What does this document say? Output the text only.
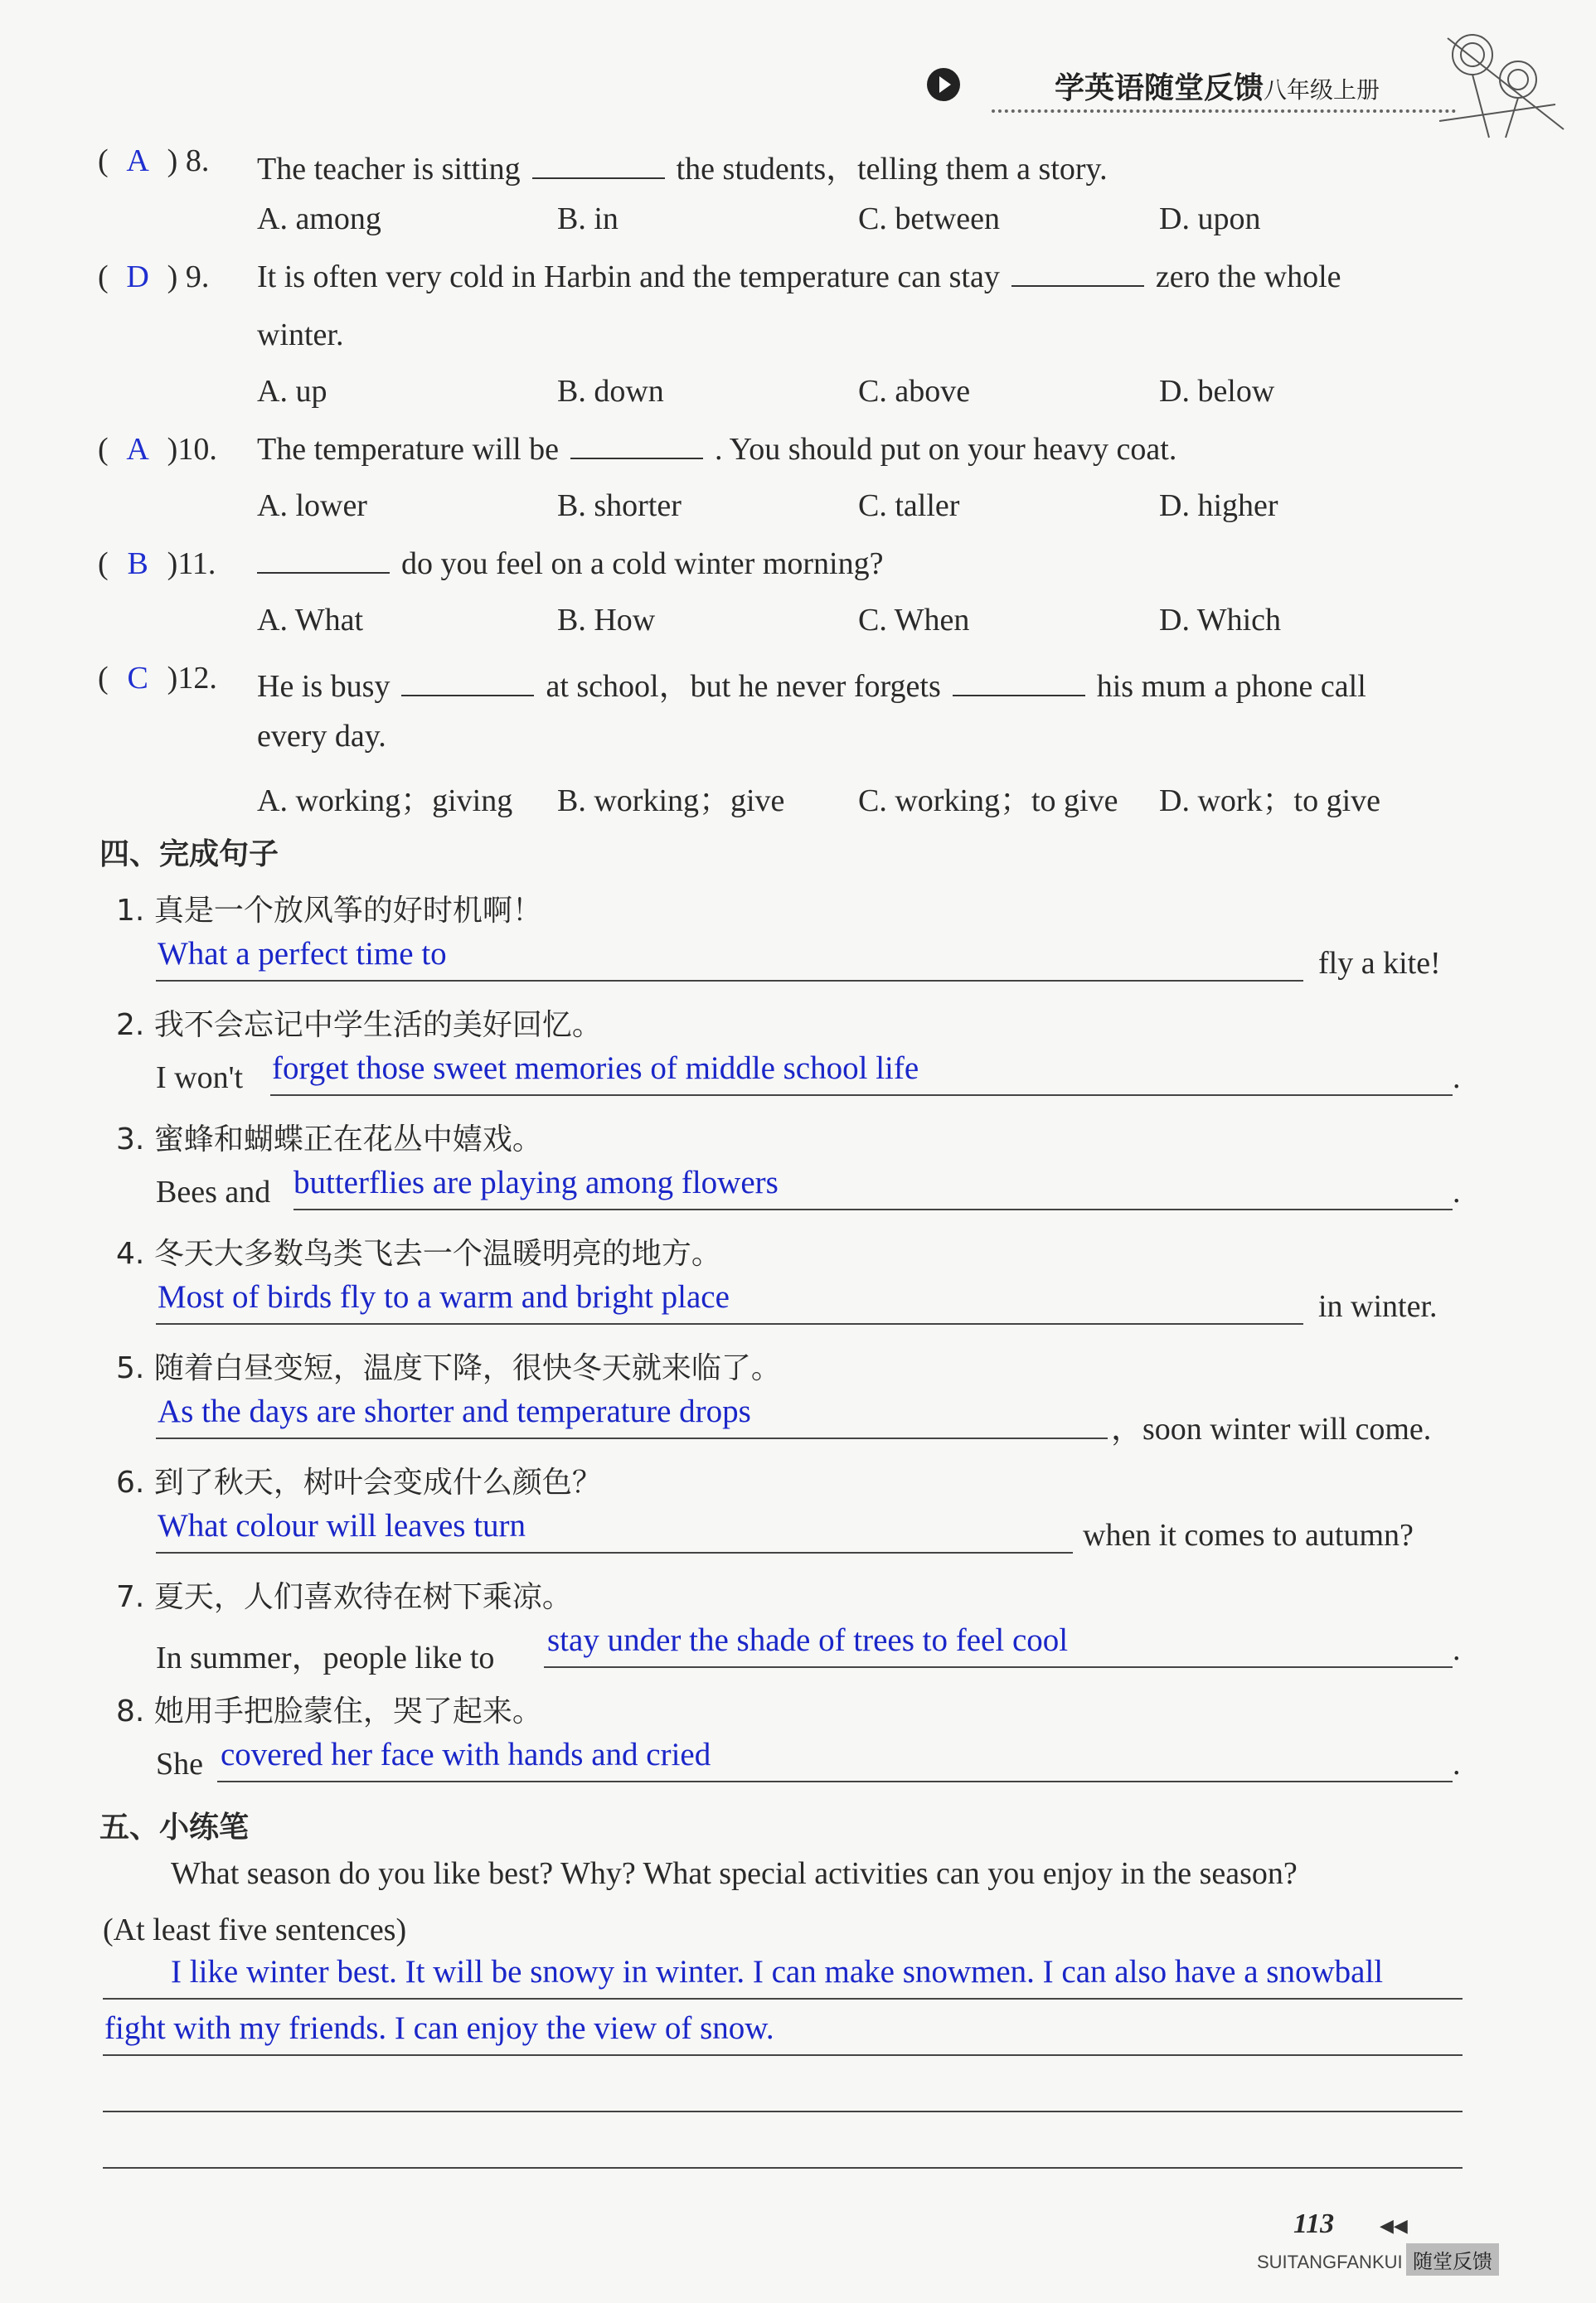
学英语随堂反馈八年级上册
( A ) 8. The teacher is sitting	the students，telling them a story.
A. among	B. in	C. between	D. upon
( D ) 9. It is often very cold in Harbin and the temperature can stay	zero the whole
winter.
A. up	B. down	C. above	D. below
( A )10. The temperature will be	. You should put on your heavy coat.
A. lower	B. shorter	C. taller	D. higher
( B )11.	do you feel on a cold winter morning?
A. What	B. How	C. When	D. Which
( C )12. He is busy	at school，but he never forgets	his mum a phone call
every day.
A. working；giving B. working；give C. working；to give D. work；to give
四、完成句子
1. 真是一个放风筝的好时机啊！
What a perfect time to	fly a kite!
2. 我不会忘记中学生活的美好回忆。
I won't forget those sweet memories of middle school life	.
3. 蜜蜂和蝴蝶正在花丛中嬉戏。
Bees and butterflies are playing among flowers	.
4. 冬天大多数鸟类飞去一个温暖明亮的地方。
Most of birds fly to a warm and bright place	in winter.
5. 随着白昼变短，温度下降，很快冬天就来临了。
As the days are shorter and temperature drops	，soon winter will come.
6. 到了秋天，树叶会变成什么颜色？
What colour will leaves turn	when it comes to autumn?
7. 夏天，人们喜欢待在树下乘凉。
In summer，people like to stay under the shade of trees to feel cool	.
8. 她用手把脸蒙住，哭了起来。
She covered her face with hands and cried	.
五、小练笔
What season do you like best? Why? What special activities can you enjoy in the season?
(At least five sentences)
I like winter best. It will be snowy in winter. I can make snowmen. I can also have a snowball
fight with my friends. I can enjoy the view of snow.
113 ◀◀
SUITANGFANKUI 随堂反馈
